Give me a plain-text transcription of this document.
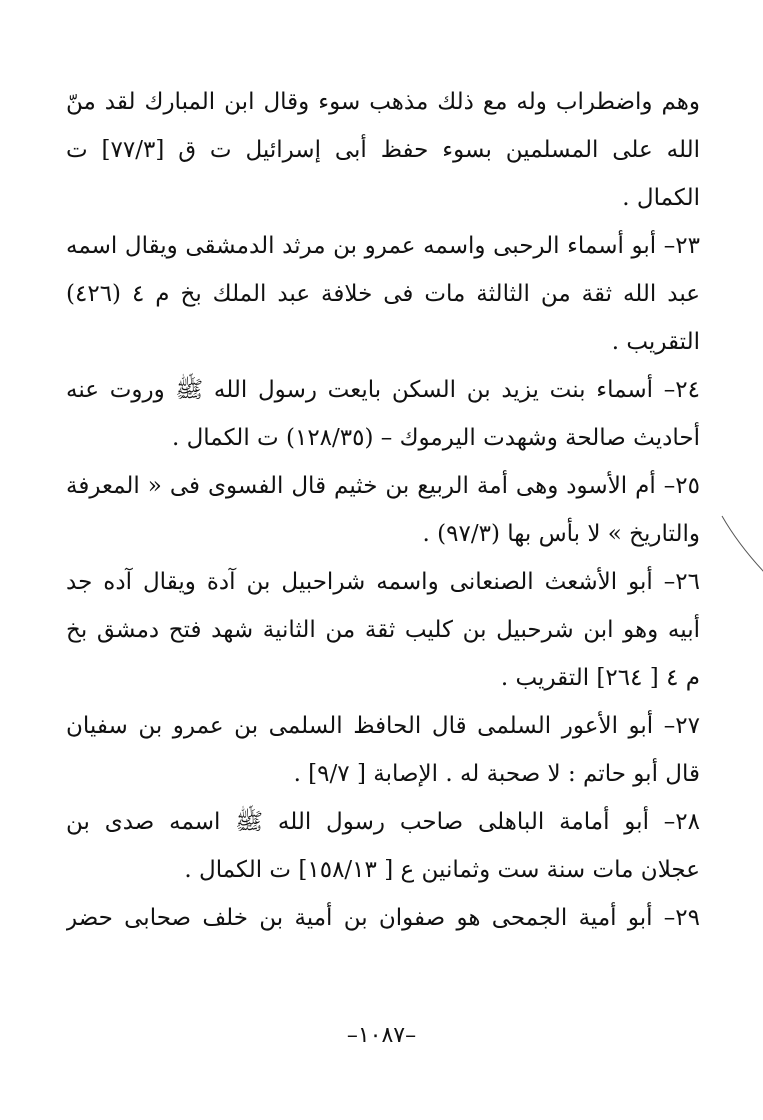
وهم واضطراب وله مع ذلك مذهب سوء وقال ابن المبارك لقد منّ
الله على المسلمين بسوء حفظ أبى إسرائيل ت ق [٧٧/٣] ت
الكمال .
٢٣– أبو أسماء الرحبى واسمه عمرو بن مرثد الدمشقى ويقال اسمه
عبد الله ثقة من الثالثة مات فى خلافة عبد الملك بخ م ٤ (٤٢٦)
التقريب .
٢٤– أسماء بنت يزيد بن السكن بايعت رسول الله ﷺ وروت عنه
أحاديث صالحة وشهدت اليرموك – (١٢٨/٣٥) ت الكمال .
٢٥– أم الأسود وهى أمة الربيع بن خثيم قال الفسوى فى « المعرفة
والتاريخ » لا بأس بها (٩٧/٣) .
٢٦– أبو الأشعث الصنعانى واسمه شراحبيل بن آدة ويقال آده جد
أبيه وهو ابن شرحبيل بن كليب ثقة من الثانية شهد فتح دمشق بخ
م ٤ [ ٢٦٤] التقريب .
٢٧– أبو الأعور السلمى قال الحافظ السلمى بن عمرو بن سفيان
قال أبو حاتم : لا صحبة له . الإصابة [ ٩/٧] .
٢٨– أبو أمامة الباهلى صاحب رسول الله ﷺ اسمه صدى بن
عجلان مات سنة ست وثمانين ع [ ١٥٨/١٣] ت الكمال .
٢٩– أبو أمية الجمحى هو صفوان بن أمية بن خلف صحابى حضر
–١٠٨٧–
